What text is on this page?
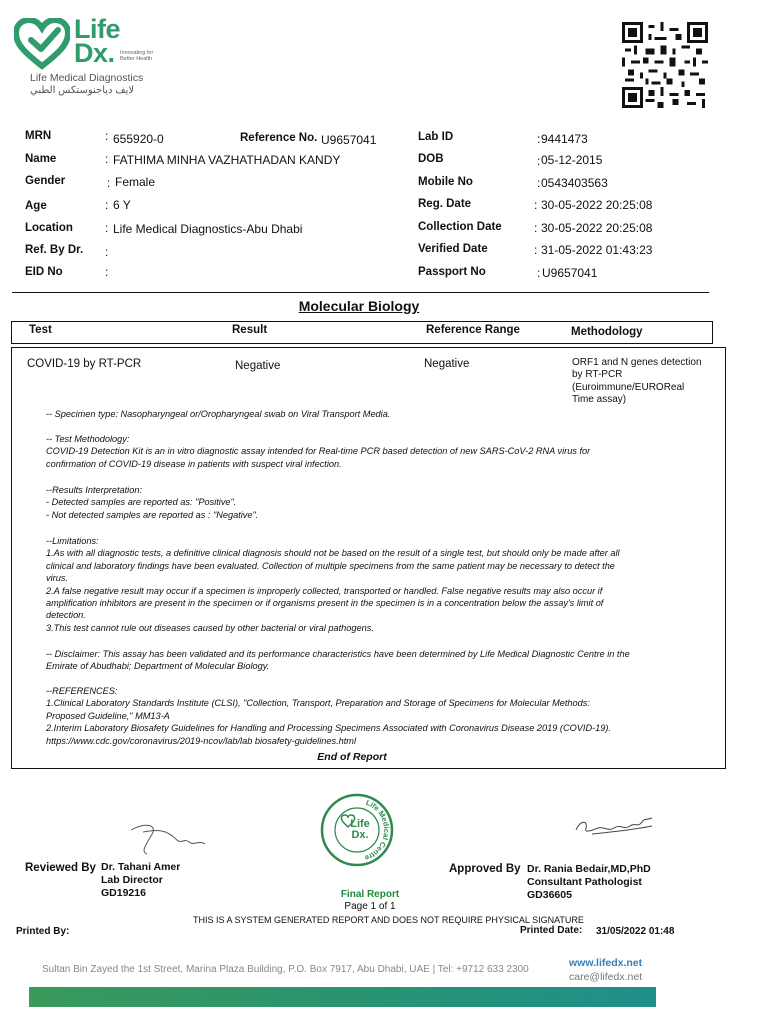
Life
Dx. Innovating for
Better Health
Life Medical Diagnostics
لايف دياجنوستكس الطبي
MRN	: 655920-0	Reference No. U9657041
Name	: FATHIMA MINHA VAZHATHADAN KANDY
Gender	: Female
Age	: 6 Y
Location	: Life Medical Diagnostics-Abu Dhabi
Ref. By Dr. :
EID No	:
Lab ID	: 9441473
DOB	: 05-12-2015
Mobile No	: 0543403563
Reg. Date	: 30-05-2022 20:25:08
Collection Date	: 30-05-2022 20:25:08
Verified Date	: 31-05-2022 01:43:23
Passport No	: U9657041
Molecular Biology
Test	Result	Reference Range	Methodology
COVID-19 by RT-PCR	Negative	Negative	ORF1 and N genes detection by RT-PCR (Euroimmune/EUROReal Time assay)
-- Specimen type: Nasopharyngeal or/Oropharyngeal swab on Viral Transport Media.
-- Test Methodology:
COVID-19 Detection Kit is an in vitro diagnostic assay intended for Real-time PCR based detection of new SARS-CoV-2 RNA virus for
confirmation of COVID-19 disease in patients with suspect viral infection.
--Results Interpretation:
- Detected samples are reported as: "Positive".
- Not detected samples are reported as : "Negative".
--Limitations:
1.As with all diagnostic tests, a definitive clinical diagnosis should not be based on the result of a single test, but should only be made after all
clinical and laboratory findings have been evaluated. Collection of multiple specimens from the same patient may be necessary to detect the
virus.
2.A false negative result may occur if a specimen is improperly collected, transported or handled. False negative results may also occur if
amplification inhibitors are present in the specimen or if organisms present in the specimen is in a concentration below the assay's limit of
detection.
3.This test cannot rule out diseases caused by other bacterial or viral pathogens.
-- Disclaimer: This assay has been validated and its performance characteristics have been determined by Life Medical Diagnostic Centre in the
Emirate of Abudhabi; Department of Molecular Biology.
--REFERENCES:
1.Clinical Laboratory Standards Institute (CLSI), "Collection, Transport, Preparation and Storage of Specimens for Molecular Methods:
Proposed Guideline," MM13-A
2.Interim Laboratory Biosafety Guidelines for Handling and Processing Specimens Associated with Coronavirus Disease 2019 (COVID-19).
https://www.cdc.gov/coronavirus/2019-ncov/lab/lab biosafety-guidelines.html
End of Report
Life Medical Centre
Life
Dx.
Reviewed By Dr. Tahani Amer
Lab Director
GD19216
Approved By Dr. Rania Bedair,MD,PhD
Consultant Pathologist
GD36605
Final Report
Page 1 of 1
THIS IS A SYSTEM GENERATED REPORT AND DOES NOT REQUIRE PHYSICAL SIGNATURE
Printed By:	Printed Date: 31/05/2022 01:48
Sultan Bin Zayed the 1st Street, Marina Plaza Building, P.O. Box 7917, Abu Dhabi, UAE | Tel: +9712 633 2300
www.lifedx.net
care@lifedx.net
